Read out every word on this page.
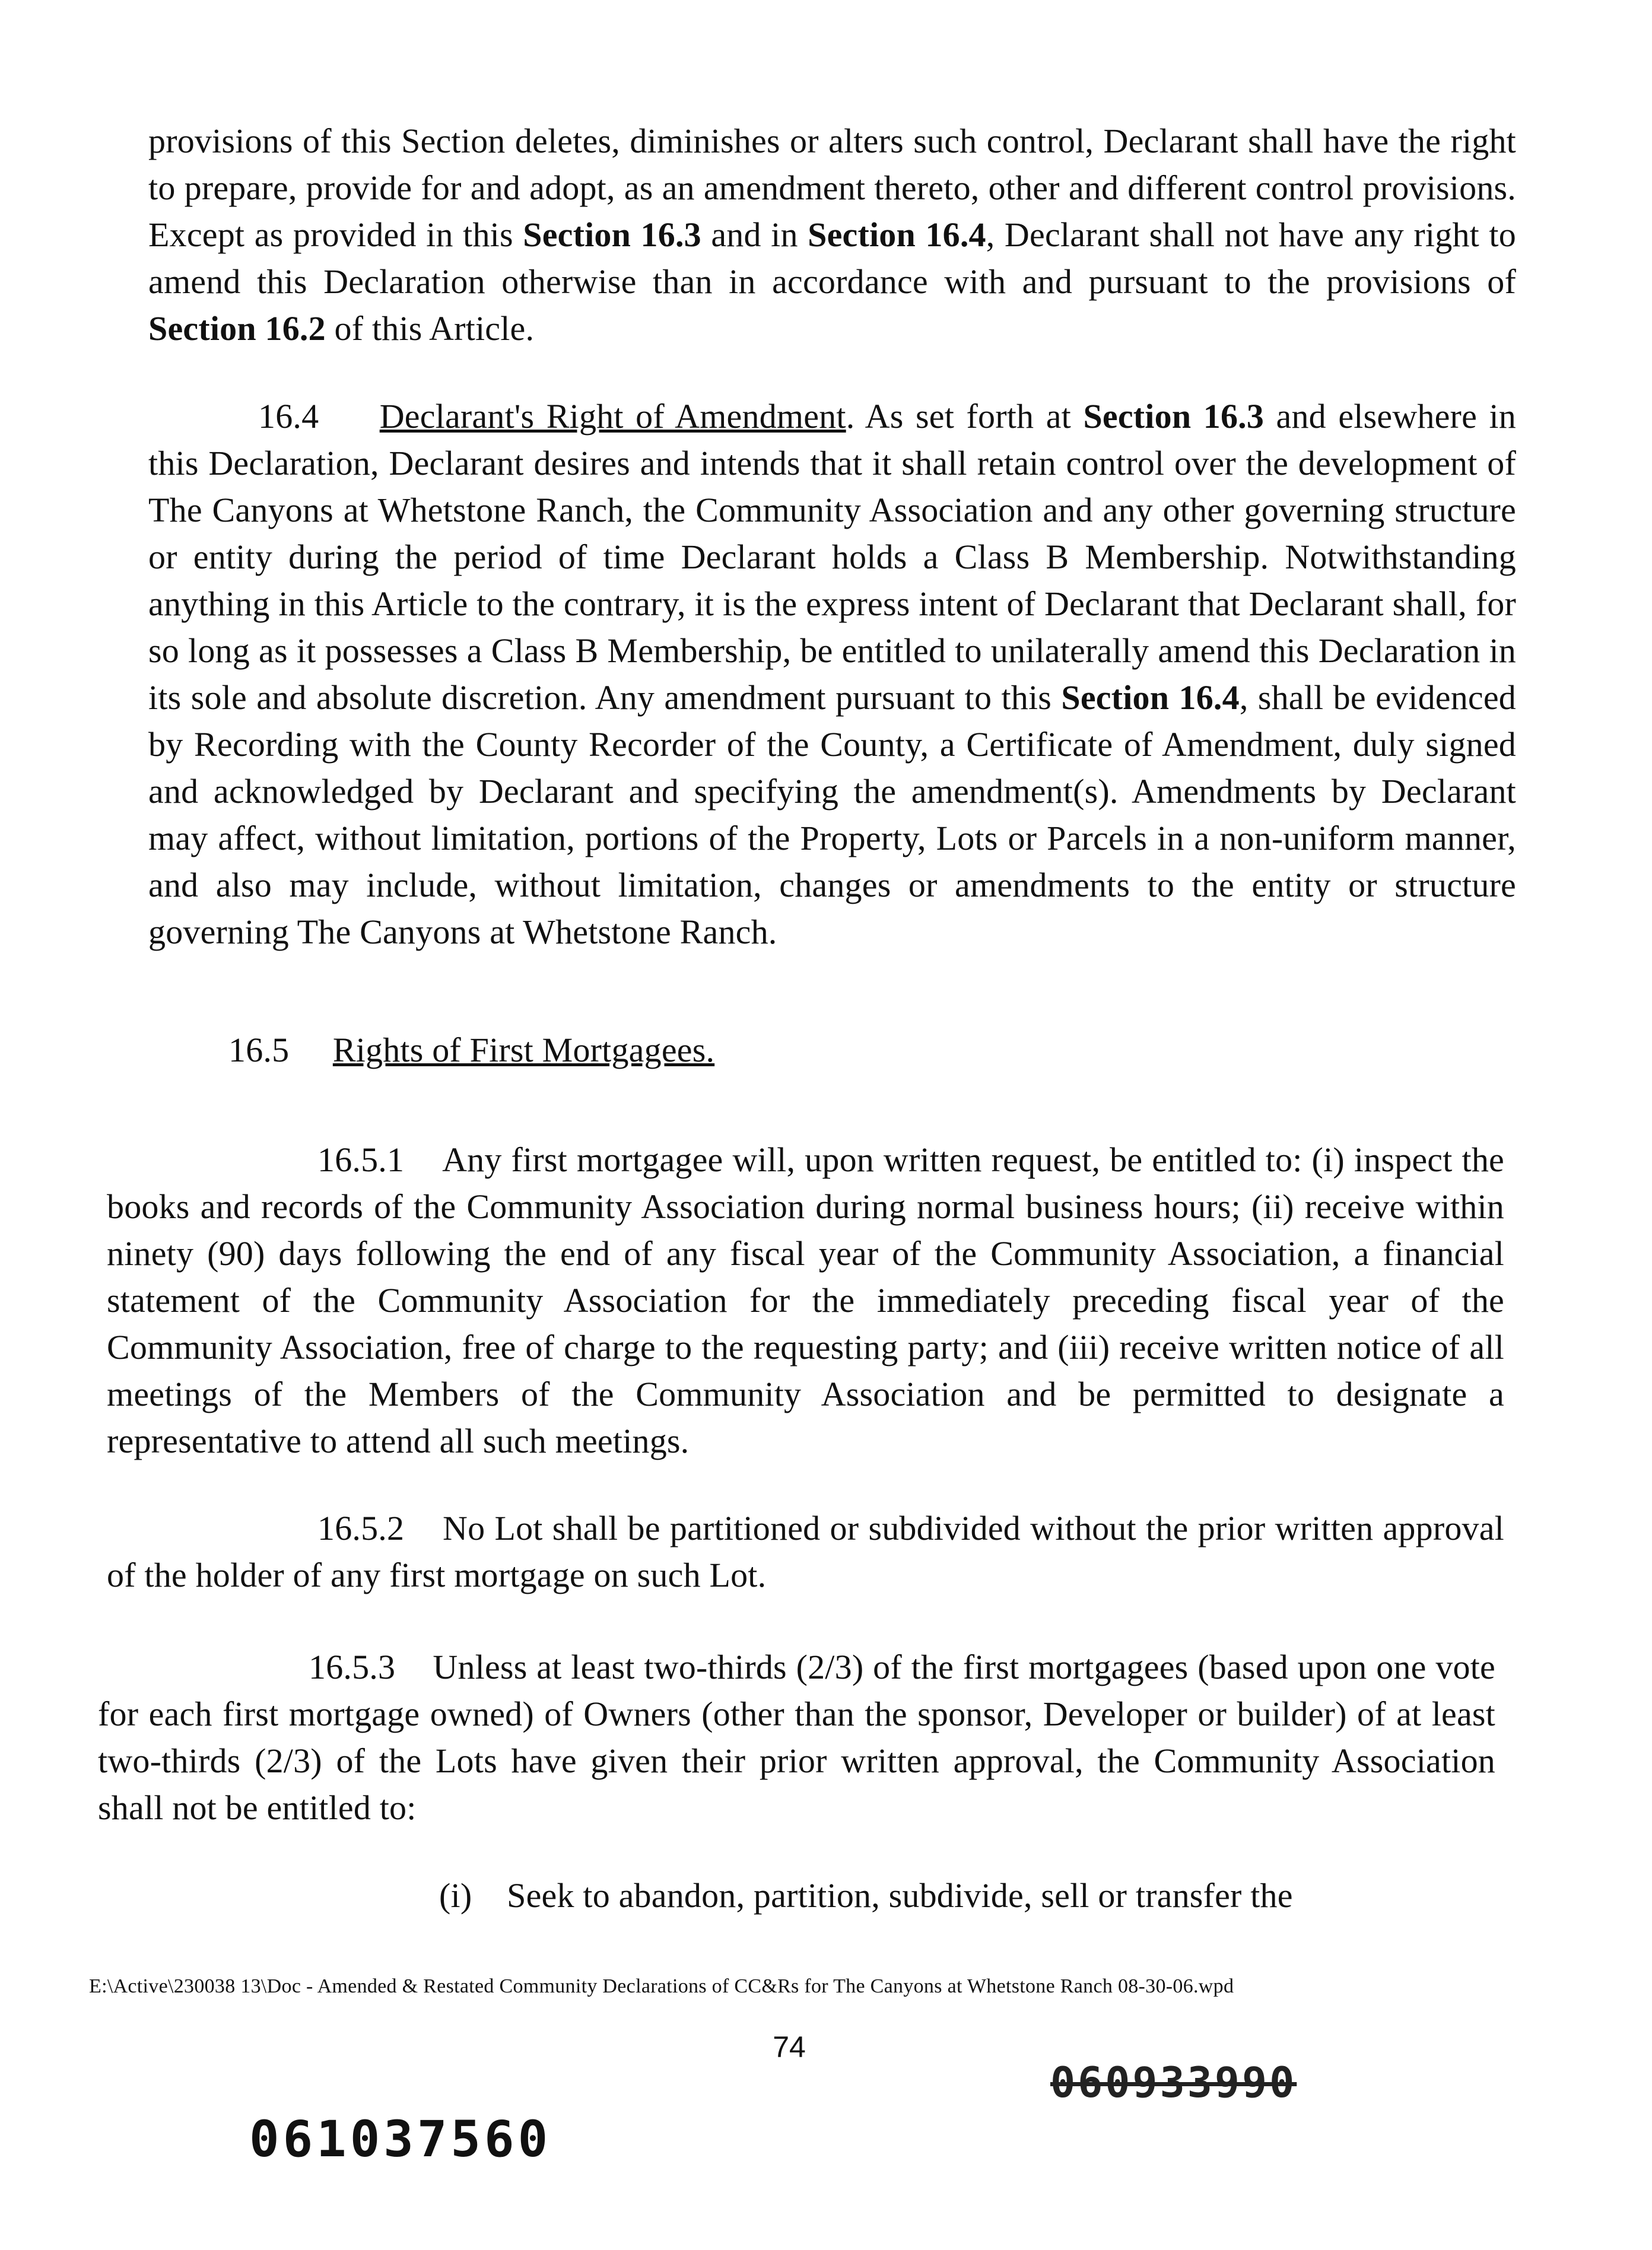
provisions of this Section deletes, diminishes or alters such control, Declarant shall have the right to prepare, provide for and adopt, as an amendment thereto, other and different control provisions. Except as provided in this Section 16.3 and in Section 16.4, Declarant shall not have any right to amend this Declaration otherwise than in accordance with and pursuant to the provisions of Section 16.2 of this Article.

16.4 Declarant's Right of Amendment. As set forth at Section 16.3 and elsewhere in this Declaration, Declarant desires and intends that it shall retain control over the development of The Canyons at Whetstone Ranch, the Community Association and any other governing structure or entity during the period of time Declarant holds a Class B Membership. Notwithstanding anything in this Article to the contrary, it is the express intent of Declarant that Declarant shall, for so long as it possesses a Class B Membership, be entitled to unilaterally amend this Declaration in its sole and absolute discretion. Any amendment pursuant to this Section 16.4, shall be evidenced by Recording with the County Recorder of the County, a Certificate of Amendment, duly signed and acknowledged by Declarant and specifying the amendment(s). Amendments by Declarant may affect, without limitation, portions of the Property, Lots or Parcels in a non-uniform manner, and also may include, without limitation, changes or amendments to the entity or structure governing The Canyons at Whetstone Ranch.

16.5 Rights of First Mortgagees.

16.5.1 Any first mortgagee will, upon written request, be entitled to: (i) inspect the books and records of the Community Association during normal business hours; (ii) receive within ninety (90) days following the end of any fiscal year of the Community Association, a financial statement of the Community Association for the immediately preceding fiscal year of the Community Association, free of charge to the requesting party; and (iii) receive written notice of all meetings of the Members of the Community Association and be permitted to designate a representative to attend all such meetings.

16.5.2 No Lot shall be partitioned or subdivided without the prior written approval of the holder of any first mortgage on such Lot.

16.5.3 Unless at least two-thirds (2/3) of the first mortgagees (based upon one vote for each first mortgage owned) of Owners (other than the sponsor, Developer or builder) of at least two-thirds (2/3) of the Lots have given their prior written approval, the Community Association shall not be entitled to:

(i) Seek to abandon, partition, subdivide, sell or transfer the

E:\Active\230038 13\Doc - Amended & Restated Community Declarations of CC&Rs for The Canyons at Whetstone Ranch 08-30-06.wpd
74
061037560
060933990
